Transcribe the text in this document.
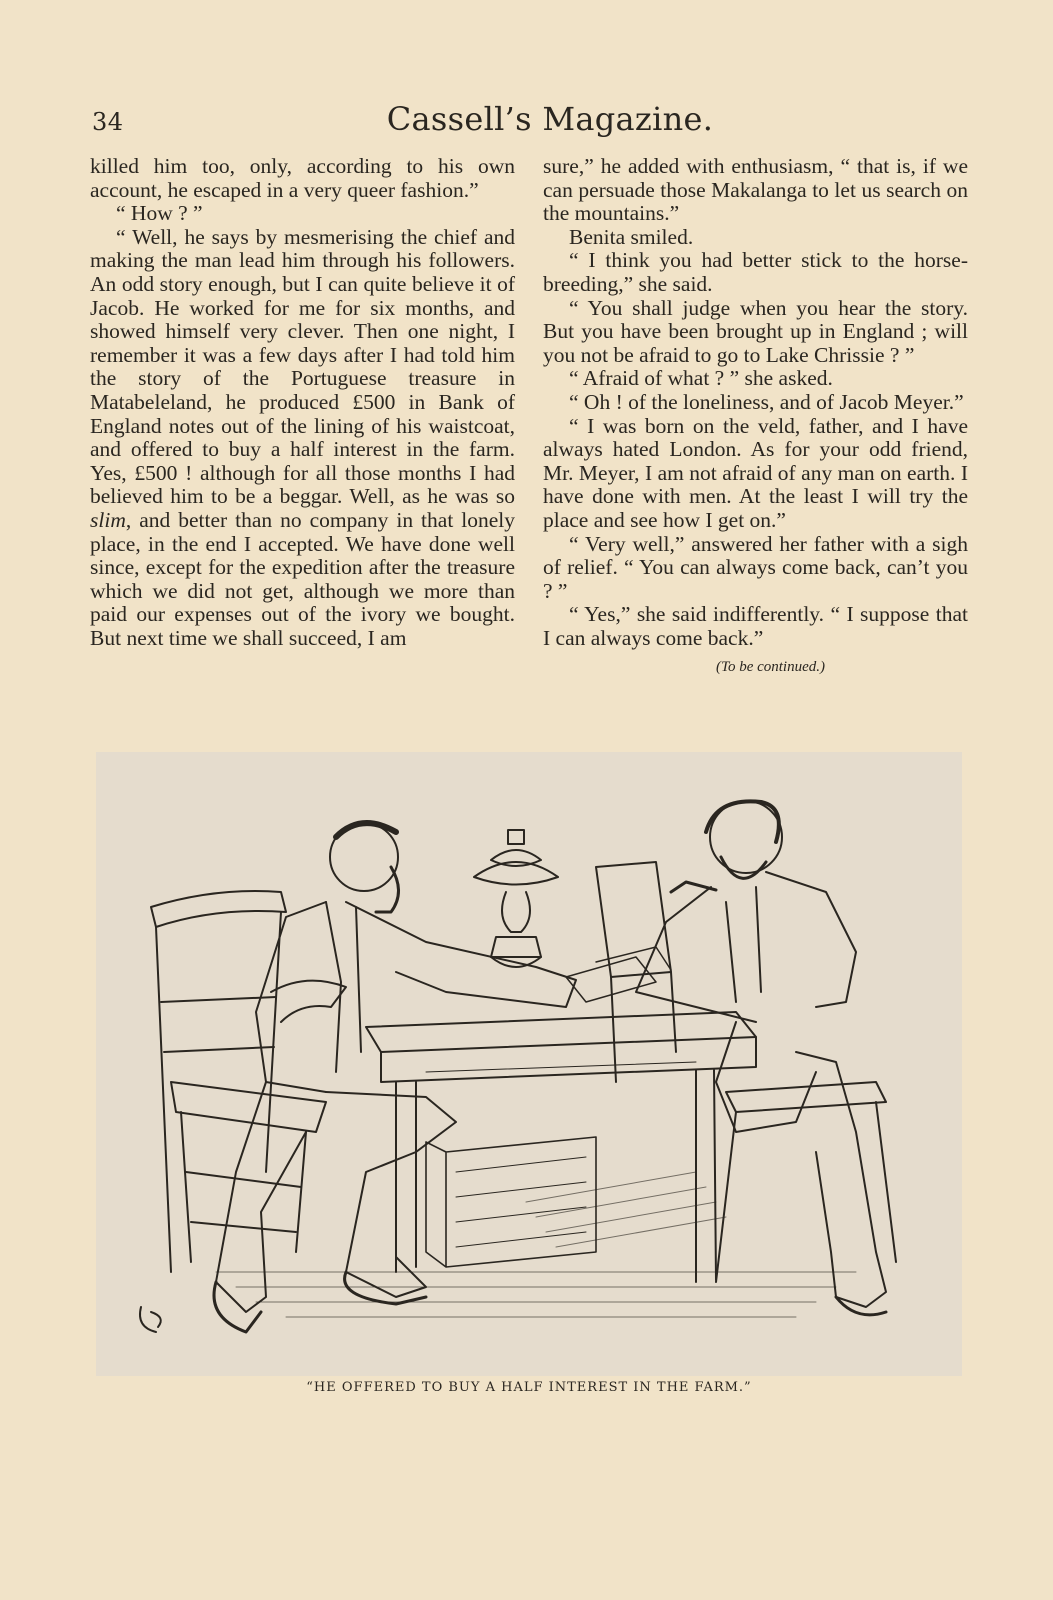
34	Cassell’s Magazine.

killed him too, only, according to his own account, he escaped in a very queer fashion.”

“ How ? ”

“ Well, he says by mesmerising the chief and making the man lead him through his followers. An odd story enough, but I can quite believe it of Jacob. He worked for me for six months, and showed himself very clever. Then one night, I remember it was a few days after I had told him the story of the Portuguese treasure in Matabeleland, he produced £500 in Bank of England notes out of the lining of his waistcoat, and offered to buy a half interest in the farm. Yes, £500 ! although for all those months I had believed him to be a beggar. Well, as he was so slim, and better than no company in that lonely place, in the end I accepted. We have done well since, except for the expedition after the treasure which we did not get, although we more than paid our expenses out of the ivory we bought. But next time we shall succeed, I am

sure,” he added with enthusiasm, “ that is, if we can persuade those Makalanga to let us search on the mountains.”

Benita smiled.

“ I think you had better stick to the horse-breeding,” she said.

“ You shall judge when you hear the story. But you have been brought up in England ; will you not be afraid to go to Lake Chrissie ? ”

“ Afraid of what ? ” she asked.

“ Oh ! of the loneliness, and of Jacob Meyer.”

“ I was born on the veld, father, and I have always hated London. As for your odd friend, Mr. Meyer, I am not afraid of any man on earth. I have done with men. At the least I will try the place and see how I get on.”

“ Very well,” answered her father with a sigh of relief. “ You can always come back, can’t you ? ”

“ Yes,” she said indifferently. “ I suppose that I can always come back.”

(To be continued.)
“HE OFFERED TO BUY A HALF INTEREST IN THE FARM.”
